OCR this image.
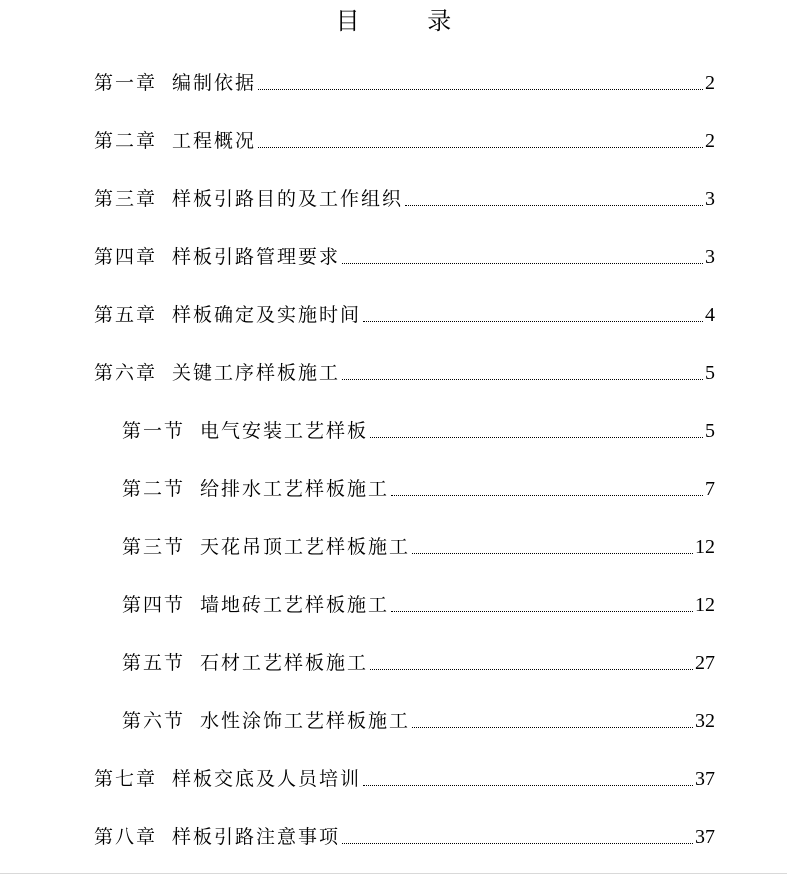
目 录
第一章 编制依据	2
第二章 工程概况	2
第三章 样板引路目的及工作组织	3
第四章 样板引路管理要求	3
第五章 样板确定及实施时间	4
第六章 关键工序样板施工	5
第一节 电气安装工艺样板	5
第二节 给排水工艺样板施工	7
第三节 天花吊顶工艺样板施工	12
第四节 墙地砖工艺样板施工	12
第五节 石材工艺样板施工	27
第六节 水性涂饰工艺样板施工	32
第七章 样板交底及人员培训	37
第八章 样板引路注意事项	37
